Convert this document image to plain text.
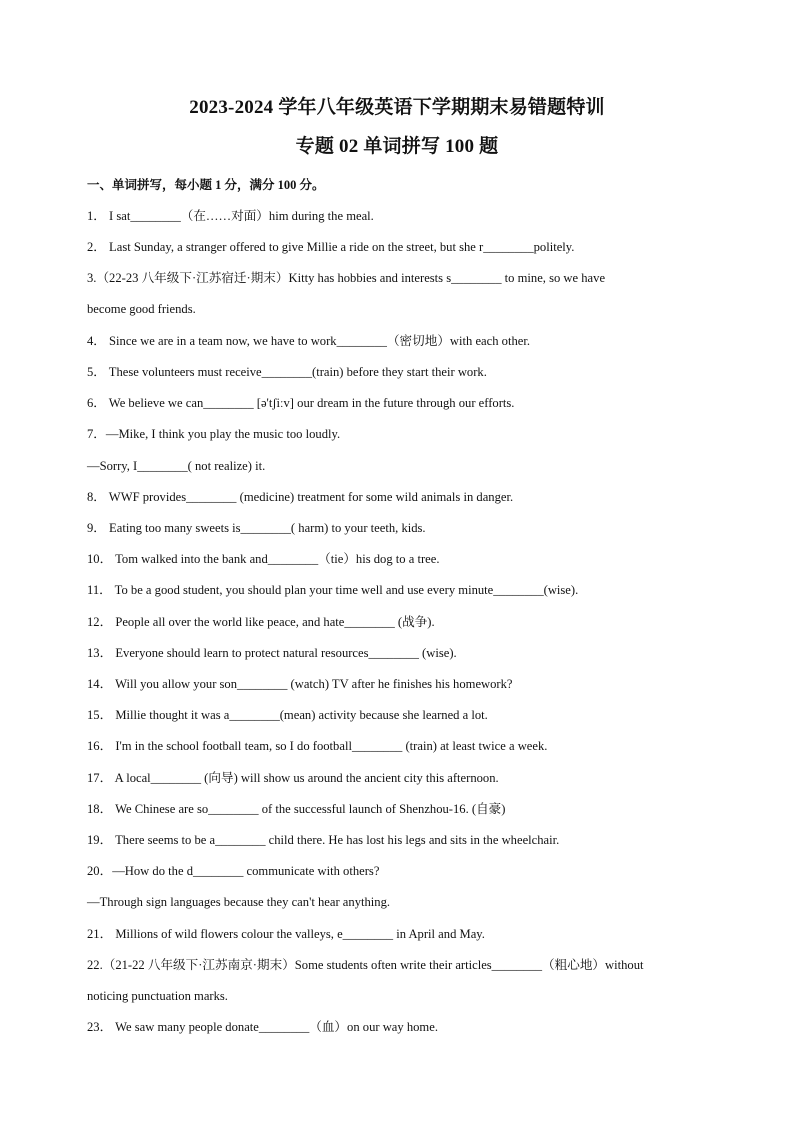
2023-2024 学年八年级英语下学期期末易错题特训
专题 02 单词拼写 100 题
一、单词拼写，每小题 1 分，满分 100 分。
1． I sat________（在……对面）him during the meal.
2． Last Sunday, a stranger offered to give Millie a ride on the street, but she r________politely.
3.（22-23 八年级下·江苏宿迁·期末）Kitty has hobbies and interests s________ to mine, so we have
become good friends.
4． Since we are in a team now, we have to work________（密切地）with each other.
5． These volunteers must receive________(train) before they start their work.
6． We believe we can________ [ə'tʃiːv] our dream in the future through our efforts.
7．—Mike, I think you play the music too loudly.
—Sorry, I________( not realize) it.
8． WWF provides________ (medicine) treatment for some wild animals in danger.
9． Eating too many sweets is________( harm) to your teeth, kids.
10． Tom walked into the bank and________（tie）his dog to a tree.
11． To be a good student, you should plan your time well and use every minute________(wise).
12． People all over the world like peace, and hate________ (战争).
13． Everyone should learn to protect natural resources________ (wise).
14． Will you allow your son________ (watch) TV after he finishes his homework?
15． Millie thought it was a________(mean) activity because she learned a lot.
16． I'm in the school football team, so I do football________ (train) at least twice a week.
17． A local________ (向导) will show us around the ancient city this afternoon.
18． We Chinese are so________ of the successful launch of Shenzhou-16. (自豪)
19． There seems to be a________ child there. He has lost his legs and sits in the wheelchair.
20．—How do the d________ communicate with others?
—Through sign languages because they can't hear anything.
21． Millions of wild flowers colour the valleys, e________ in April and May.
22.（21-22 八年级下·江苏南京·期末）Some students often write their articles________（粗心地）without
noticing punctuation marks.
23． We saw many people donate________（血）on our way home.
